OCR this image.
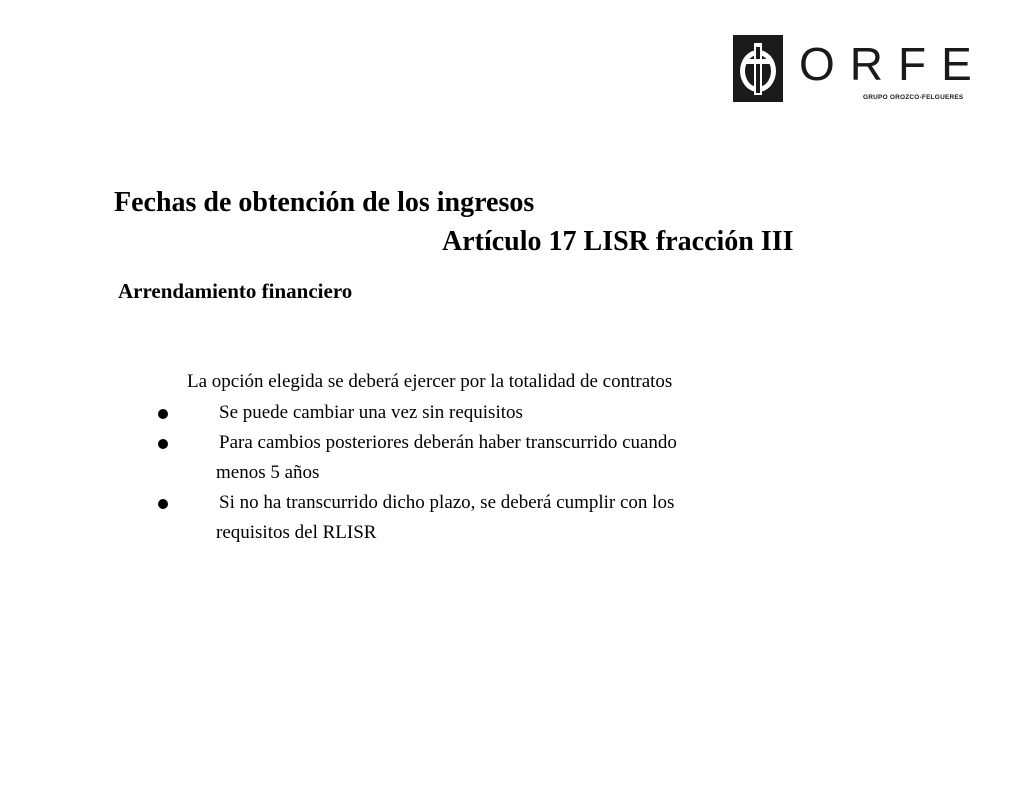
ORFE
GRUPO OROZCO-FELGUERES
Fechas de obtención de los ingresos
Artículo 17 LISR fracción III
Arrendamiento financiero
La opción elegida se deberá ejercer por la totalidad de contratos
Se puede cambiar una vez sin requisitos
Para cambios posteriores deberán haber transcurrido cuando
menos 5 años
Si no ha transcurrido dicho plazo, se deberá cumplir con los
requisitos del RLISR
